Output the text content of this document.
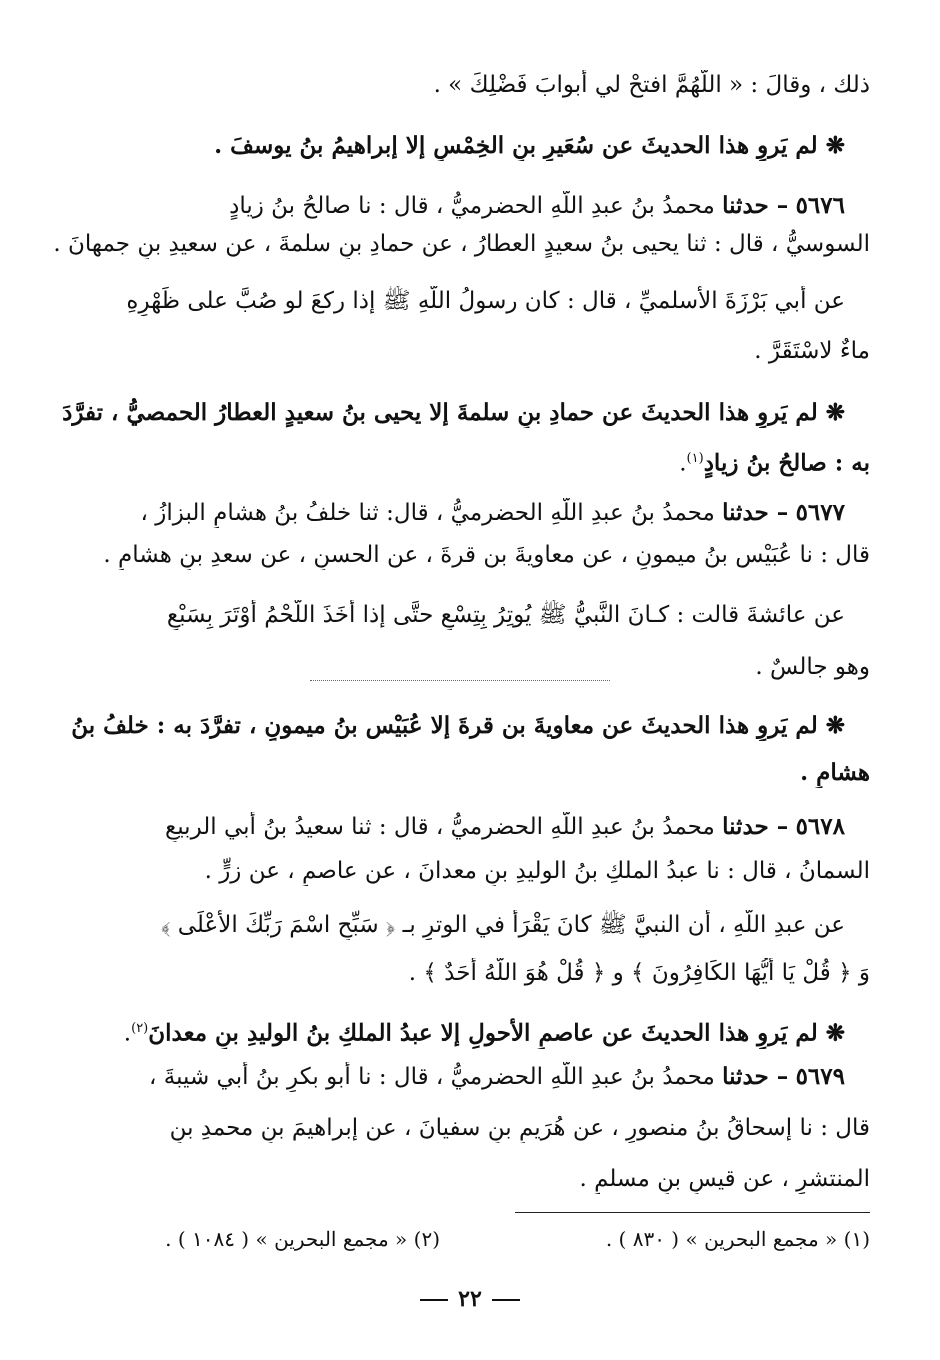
ذلك ، وقالَ : « اللَّهُمَّ افتحْ لي أبوابَ فَضْلِكَ » .
❋ لم يَروِ هذا الحديثَ عن سُعَيرِ بنِ الخِمْسِ إلا إبراهيمُ بنُ يوسفَ .
٥٦٧٦ – حدثنا محمدُ بنُ عبدِ اللَّهِ الحضرميُّ ، قال : نا صالحُ بنُ زيادٍ
السوسيُّ ، قال : ثنا يحيى بنُ سعيدٍ العطارُ ، عن حمادِ بنِ سلمةَ ، عن سعيدِ بنِ جمهانَ .
عن أبي بَرْزَةَ الأسلميِّ ، قال : كان رسولُ اللَّهِ ﷺ إذا ركعَ لو صُبَّ على ظَهْرِهِ
ماءٌ لاسْتَقَرَّ .
❋ لم يَروِ هذا الحديثَ عن حمادِ بنِ سلمةَ إلا يحيى بنُ سعيدٍ العطارُ الحمصيُّ ، تفرَّدَ
به : صالحُ بنُ زيادٍ$^{(١)}$.
٥٦٧٧ – حدثنا محمدُ بنُ عبدِ اللَّهِ الحضرميُّ ، قال: ثنا خلفُ بنُ هشامٍ البزازُ ،
قال : نا عُبَيْس بنُ ميمونٍ ، عن معاويةَ بن قرةَ ، عن الحسنِ ، عن سعدِ بنِ هشامٍ .
عن عائشةَ قالت : كـانَ النَّبيُّ ﷺ يُوتِرُ بِتِسْعٍ حتَّى إذا أَخَذَ اللَّحْمُ أَوْتَرَ بِسَبْعٍ
وهو جالسٌ .
❋ لم يَروِ هذا الحديثَ عن معاويةَ بن قرةَ إلا عُبَيْس بنُ ميمونٍ ، تفرَّدَ به : خلفُ بنُ
هشامٍ .
٥٦٧٨ – حدثنا محمدُ بنُ عبدِ اللَّهِ الحضرميُّ ، قال : ثنا سعيدُ بنُ أبي الربيعِ
السمانُ ، قال : نا عبدُ الملكِ بنُ الوليدِ بنِ معدانَ ، عن عاصمٍ ، عن زرٍّ .
عن عبدِ اللَّهِ ، أن النبيَّ ﷺ كانَ يَقْرَأُ في الوترِ بـ ﴿ سَبِّحِ اسْمَ رَبِّكَ الأَعْلَى ﴾
وَ ﴿ قُلْ يَا أَيُّهَا الكَافِرُونَ ﴾ و ﴿ قُلْ هُوَ اللَّهُ أَحَدٌ ﴾ .
❋ لم يَروِ هذا الحديثَ عن عاصمٍ الأحولِ إلا عبدُ الملكِ بنُ الوليدِ بنِ معدانَ$^{(٢)}$.
٥٦٧٩ – حدثنا محمدُ بنُ عبدِ اللَّهِ الحضرميُّ ، قال : نا أبو بكرِ بنُ أبي شيبةَ ،
قال : نا إسحاقُ بنُ منصورٍ ، عن هُرَيمِ بنِ سفيانَ ، عن إبراهيمَ بنِ محمدِ بنِ
المنتشرِ ، عن قيسِ بنِ مسلمٍ .
(١) « مجمع البحرين » ( ٨٣٠ ) .
(٢) « مجمع البحرين » ( ١٠٨٤ ) .
٢٢
